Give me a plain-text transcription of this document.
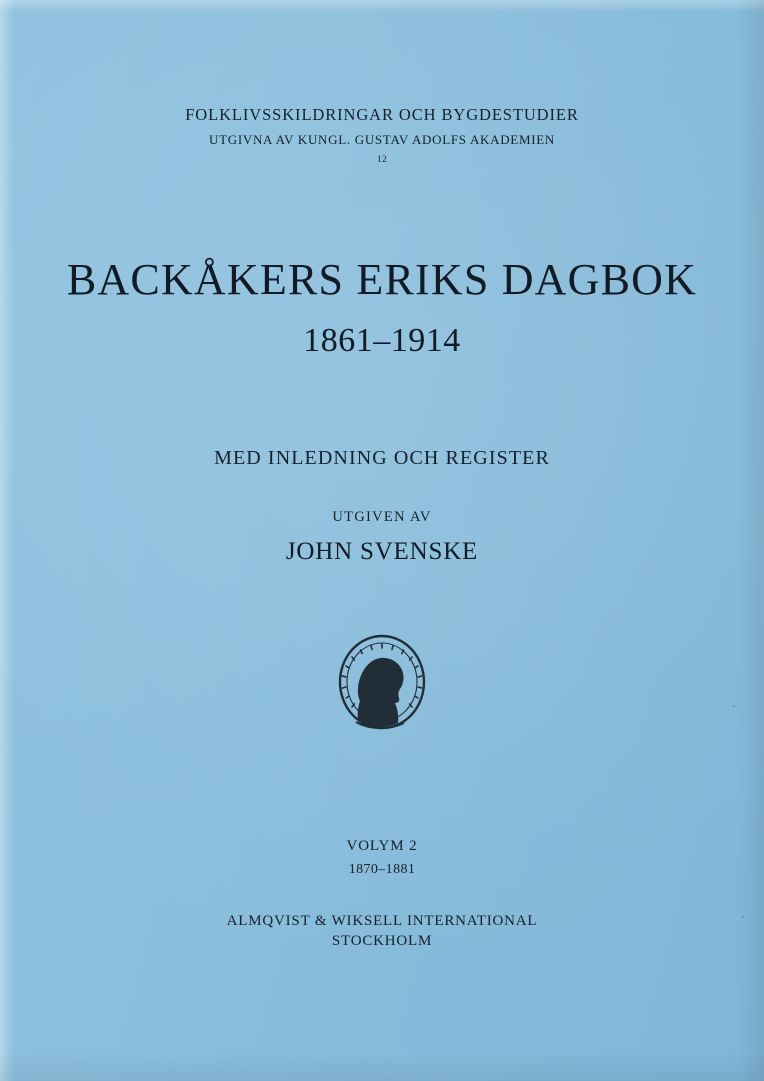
FOLKLIVSSKILDRINGAR OCH BYGDESTUDIER
UTGIVNA AV KUNGL. GUSTAV ADOLFS AKADEMIEN
12
BACKÅKERS ERIKS DAGBOK
1861–1914
MED INLEDNING OCH REGISTER
UTGIVEN AV
JOHN SVENSKE
VOLYM 2
1870–1881
ALMQVIST & WIKSELL INTERNATIONAL
STOCKHOLM
